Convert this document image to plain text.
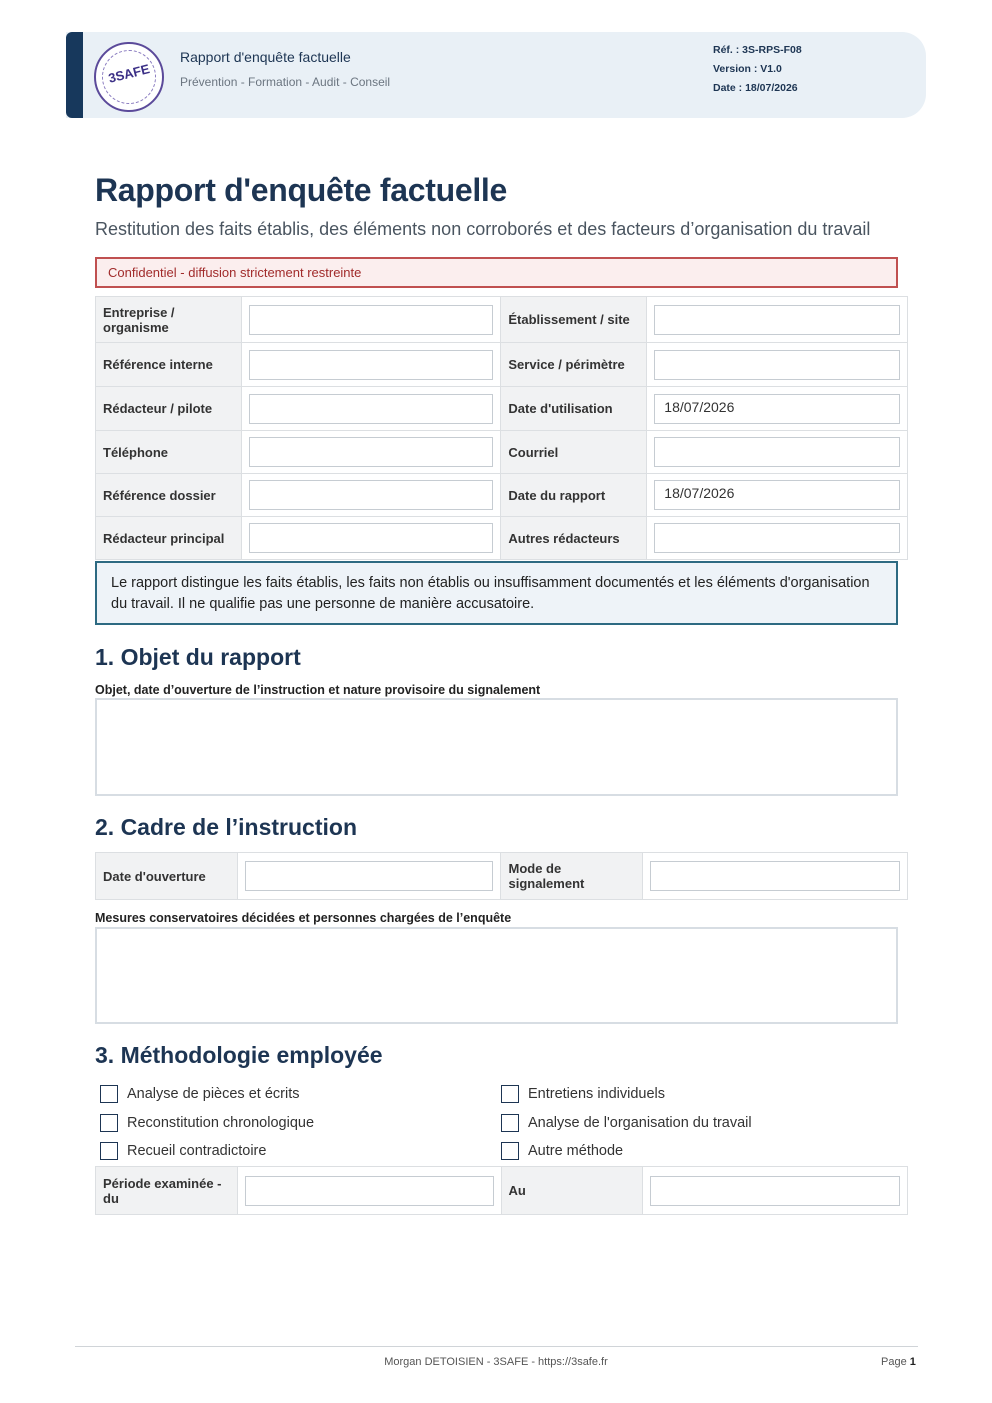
3SAFE
Rapport d'enquête factuelle
Prévention - Formation - Audit - Conseil
Réf. : 3S-RPS-F08
Version : V1.0
Date : 18/07/2026
Rapport d'enquête factuelle
Restitution des faits établis, des éléments non corroborés et des facteurs d’organisation du travail
Confidentiel - diffusion strictement restreinte
Entreprise / organisme		Établissement / site	

Référence interne		Service / périmètre	

Rédacteur / pilote		Date d'utilisation	18/07/2026

Téléphone		Courriel	

Référence dossier		Date du rapport	18/07/2026

Rédacteur principal		Autres rédacteurs	
Le rapport distingue les faits établis, les faits non établis ou insuffisamment documentés et les éléments d'organisation du travail. Il ne qualifie pas une personne de manière accusatoire.
1. Objet du rapport
Objet, date d’ouverture de l’instruction et nature provisoire du signalement
2. Cadre de l’instruction
Date d'ouverture		Mode de signalement	
Mesures conservatoires décidées et personnes chargées de l’enquête
3. Méthodologie employée
Analyse de pièces et écrits
Reconstitution chronologique
Recueil contradictoire
Entretiens individuels
Analyse de l'organisation du travail
Autre méthode
Période examinée - du		Au	
Morgan DETOISIEN - 3SAFE - https://3safe.fr	Page 1
